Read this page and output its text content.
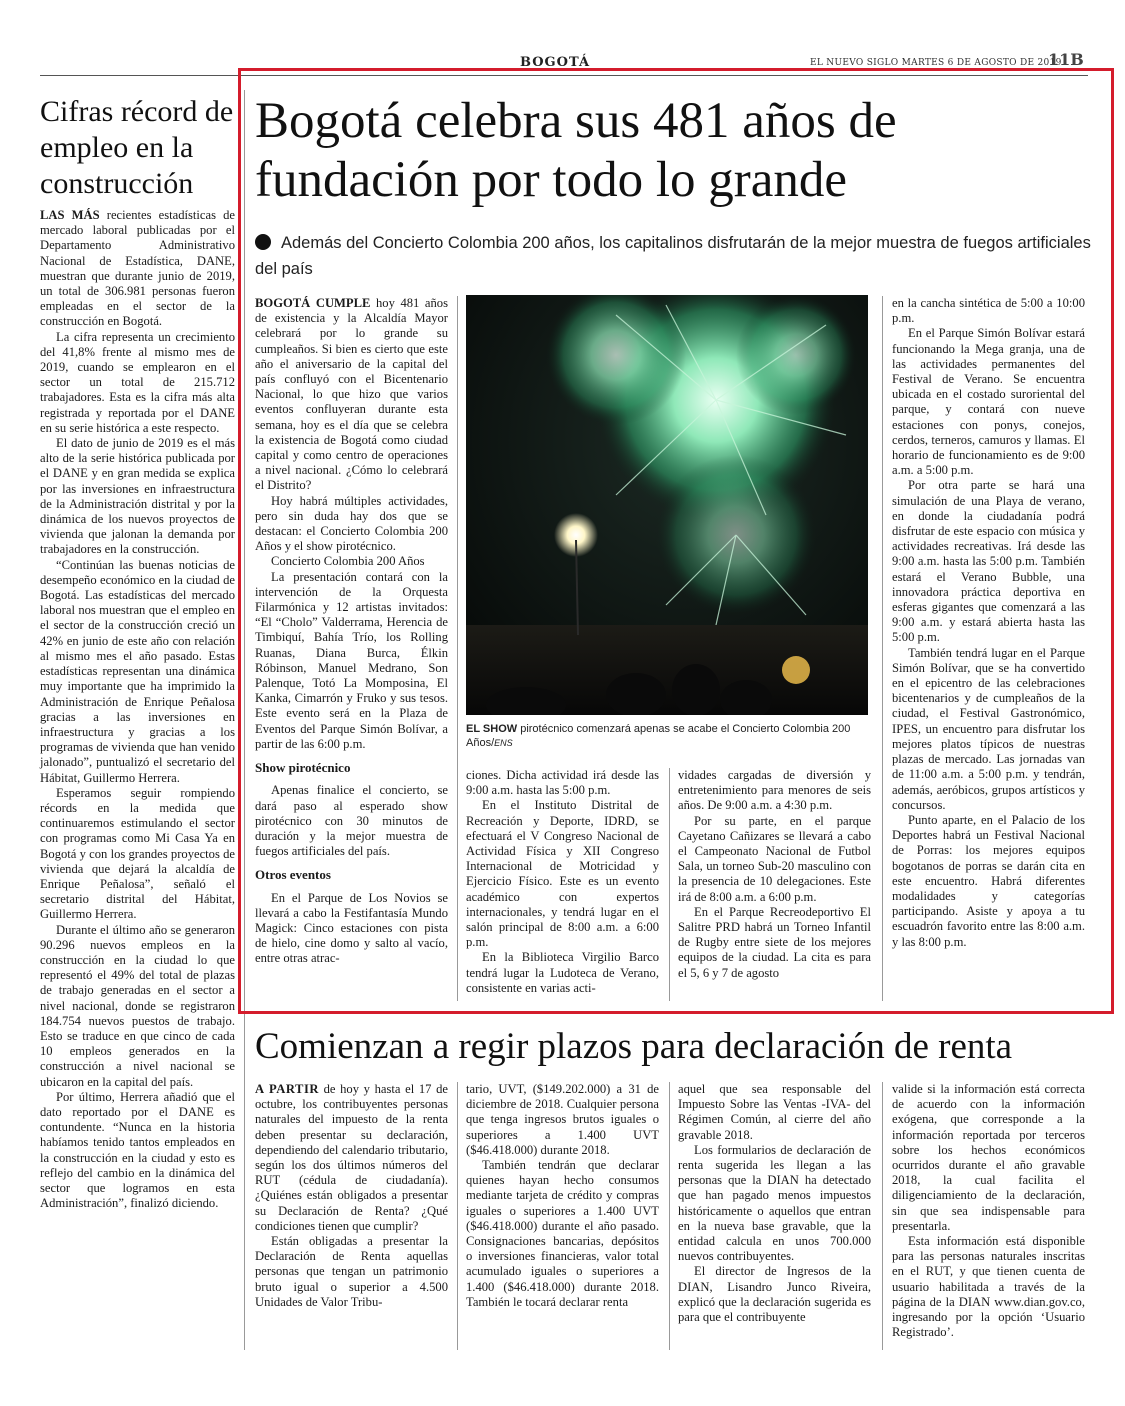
BOGOTÁ	EL NUEVO SIGLO MARTES 6 DE AGOSTO DE 2019
11B
Cifras récord de empleo en la construcción

LAS MÁS recientes estadísticas de mercado laboral publicadas por el Departamento Administrativo Nacional de Estadística, DANE, muestran que durante junio de 2019, un total de 306.981 personas fueron empleadas en el sector de la construcción en Bogotá.

La cifra representa un crecimiento del 41,8% frente al mismo mes de 2019, cuando se emplearon en el sector un total de 215.712 trabajadores. Esta es la cifra más alta registrada y reportada por el DANE en su serie histórica a este respecto.

El dato de junio de 2019 es el más alto de la serie histórica publicada por el DANE y en gran medida se explica por las inversiones en infraestructura de la Administración distrital y por la dinámica de los nuevos proyectos de vivienda que jalonan la demanda por trabajadores en la construcción.

“Continúan las buenas noticias de desempeño económico en la ciudad de Bogotá. Las estadísticas del mercado laboral nos muestran que el empleo en el sector de la construcción creció un 42% en junio de este año con relación al mismo mes el año pasado. Estas estadísticas representan una dinámica muy importante que ha imprimido la Administración de Enrique Peñalosa gracias a las inversiones en infraestructura y gracias a los programas de vivienda que han venido jalonado”, puntualizó el secretario del Hábitat, Guillermo Herrera.

Esperamos seguir rompiendo récords en la medida que continuaremos estimulando el sector con programas como Mi Casa Ya en Bogotá y con los grandes proyectos de vivienda que dejará la alcaldía de Enrique Peñalosa”, señaló el secretario distrital del Hábitat, Guillermo Herrera.

Durante el último año se generaron 90.296 nuevos empleos en la construcción en la ciudad lo que representó el 49% del total de plazas de trabajo generadas en el sector a nivel nacional, donde se registraron 184.754 nuevos puestos de trabajo. Esto se traduce en que cinco de cada 10 empleos generados en la construcción a nivel nacional se ubicaron en la capital del país.

Por último, Herrera añadió que el dato reportado por el DANE es contundente. “Nunca en la historia habíamos tenido tantos empleados en la construcción en la ciudad y esto es reflejo del cambio en la dinámica del sector que logramos en esta Administración”, finalizó diciendo.

Bogotá celebra sus 481 años de fundación por todo lo grande
Además del Concierto Colombia 200 años, los capitalinos disfrutarán de la mejor muestra de fuegos artificiales del país

BOGOTÁ CUMPLE hoy 481 años de existencia y la Alcaldía Mayor celebrará por lo grande su cumpleaños. Si bien es cierto que este año el aniversario de la capital del país confluyó con el Bicentenario Nacional, lo que hizo que varios eventos confluyeran durante esta semana, hoy es el día que se celebra la existencia de Bogotá como ciudad capital y como centro de operaciones a nivel nacional. ¿Cómo lo celebrará el Distrito?

Hoy habrá múltiples actividades, pero sin duda hay dos que se destacan: el Concierto Colombia 200 Años y el show pirotécnico.

Concierto Colombia 200 Años

La presentación contará con la intervención de la Orquesta Filarmónica y 12 artistas invitados: “El “Cholo” Valderrama, Herencia de Timbiquí, Bahía Trío, los Rolling Ruanas, Diana Burca, Élkin Róbinson, Manuel Medrano, Son Palenque, Totó La Momposina, El Kanka, Cimarrón y Fruko y sus tesos. Este evento será en la Plaza de Eventos del Parque Simón Bolívar, a partir de las 6:00 p.m.

Show pirotécnico

Apenas finalice el concierto, se dará paso al esperado show pirotécnico con 30 minutos de duración y la mejor muestra de fuegos artificiales del país.

Otros eventos

En el Parque de Los Novios se llevará a cabo la Festifantasía Mundo Magick: Cinco estaciones con pista de hielo, cine domo y salto al vacío, entre otras atrac-

EL SHOW pirotécnico comenzará apenas se acabe el Concierto Colombia 200 Años/ENS

ciones. Dicha actividad irá desde las 9:00 a.m. hasta las 5:00 p.m.

En el Instituto Distrital de Recreación y Deporte, IDRD, se efectuará el V Congreso Nacional de Actividad Física y XII Congreso Internacional de Motricidad y Ejercicio Físico. Este es un evento académico con expertos internacionales, y tendrá lugar en el salón principal de 8:00 a.m. a 6:00 p.m.

En la Biblioteca Virgilio Barco tendrá lugar la Ludoteca de Verano, consistente en varias acti-

vidades cargadas de diversión y entretenimiento para menores de seis años. De 9:00 a.m. a 4:30 p.m.

Por su parte, en el parque Cayetano Cañizares se llevará a cabo el Campeonato Nacional de Futbol Sala, un torneo Sub-20 masculino con la presencia de 10 delegaciones. Este irá de 8:00 a.m. a 6:00 p.m.

En el Parque Recreodeportivo El Salitre PRD habrá un Torneo Infantil de Rugby entre siete de los mejores equipos de la ciudad. La cita es para el 5, 6 y 7 de agosto

en la cancha sintética de 5:00 a 10:00 p.m.

En el Parque Simón Bolívar estará funcionando la Mega granja, una de las actividades permanentes del Festival de Verano. Se encuentra ubicada en el costado suroriental del parque, y contará con nueve estaciones con ponys, conejos, cerdos, terneros, camuros y llamas. El horario de funcionamiento es de 9:00 a.m. a 5:00 p.m.

Por otra parte se hará una simulación de una Playa de verano, en donde la ciudadanía podrá disfrutar de este espacio con música y actividades recreativas. Irá desde las 9:00 a.m. hasta las 5:00 p.m. También estará el Verano Bubble, una innovadora práctica deportiva en esferas gigantes que comenzará a las 9:00 a.m. y estará abierta hasta las 5:00 p.m.

También tendrá lugar en el Parque Simón Bolívar, que se ha convertido en el epicentro de las celebraciones bicentenarios y de cumpleaños de la ciudad, el Festival Gastronómico, IPES, un encuentro para disfrutar los mejores platos típicos de nuestras plazas de mercado. Las jornadas van de 11:00 a.m. a 5:00 p.m. y tendrán, además, aeróbicos, grupos artísticos y concursos.

Punto aparte, en el Palacio de los Deportes habrá un Festival Nacional de Porras: los mejores equipos bogotanos de porras se darán cita en este encuentro. Habrá diferentes modalidades y categorías participando. Asiste y apoya a tu escuadrón favorito entre las 8:00 a.m. y las 8:00 p.m.

Comienzan a regir plazos para declaración de renta

A PARTIR de hoy y hasta el 17 de octubre, los contribuyentes personas naturales del impuesto de la renta deben presentar su declaración, dependiendo del calendario tributario, según los dos últimos números del RUT (cédula de ciudadanía). ¿Quiénes están obligados a presentar su Declaración de Renta? ¿Qué condiciones tienen que cumplir?

Están obligadas a presentar la Declaración de Renta aquellas personas que tengan un patrimonio bruto igual o superior a 4.500 Unidades de Valor Tribu-

tario, UVT, ($149.202.000) a 31 de diciembre de 2018. Cualquier persona que tenga ingresos brutos iguales o superiores a 1.400 UVT ($46.418.000) durante 2018.

También tendrán que declarar quienes hayan hecho consumos mediante tarjeta de crédito y compras iguales o superiores a 1.400 UVT ($46.418.000) durante el año pasado. Consignaciones bancarias, depósitos o inversiones financieras, valor total acumulado iguales o superiores a 1.400 ($46.418.000) durante 2018. También le tocará declarar renta

aquel que sea responsable del Impuesto Sobre las Ventas -IVA- del Régimen Común, al cierre del año gravable 2018.

Los formularios de declaración de renta sugerida les llegan a las personas que la DIAN ha detectado que han pagado menos impuestos históricamente o aquellos que entran en la nueva base gravable, que la entidad calcula en unos 700.000 nuevos contribuyentes.

El director de Ingresos de la DIAN, Lisandro Junco Riveira, explicó que la declaración sugerida es para que el contribuyente

valide si la información está correcta de acuerdo con la información exógena, que corresponde a la información reportada por terceros sobre los hechos económicos ocurridos durante el año gravable 2018, la cual facilita el diligenciamiento de la declaración, sin que sea indispensable para presentarla.

Esta información está disponible para las personas naturales inscritas en el RUT, y que tienen cuenta de usuario habilitada a través de la página de la DIAN www.dian.gov.co, ingresando por la opción ‘Usuario Registrado’.
